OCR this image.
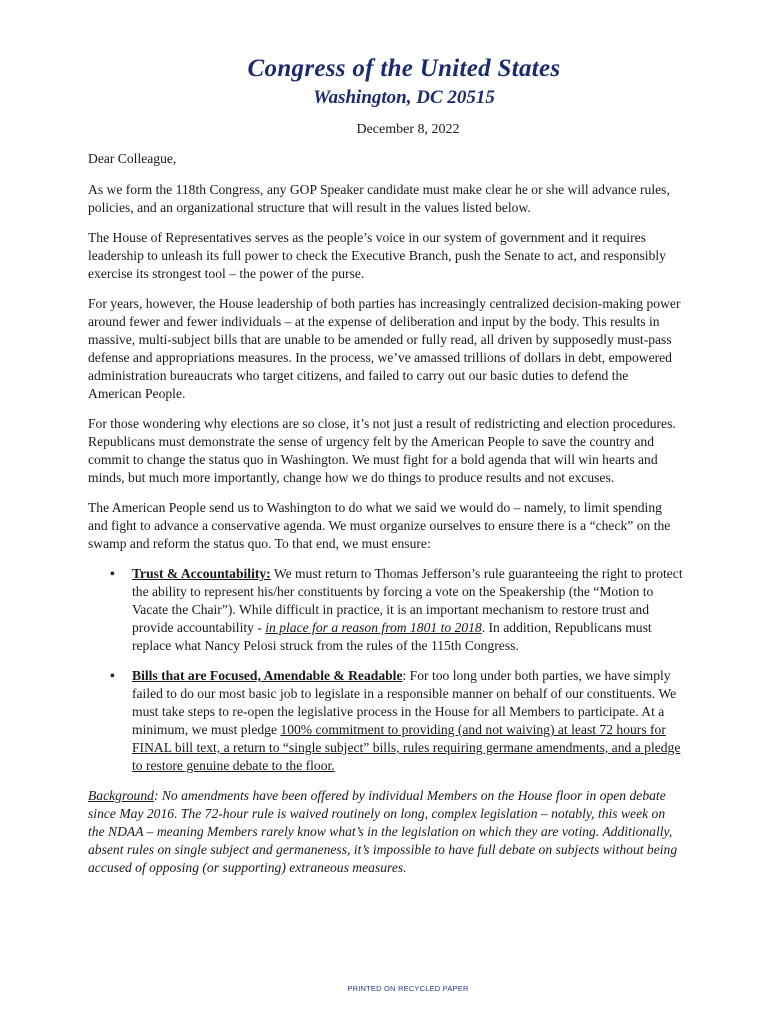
Congress of the United States
Washington, DC 20515
December 8, 2022

Dear Colleague,

As we form the 118th Congress, any GOP Speaker candidate must make clear he or she will advance rules, policies, and an organizational structure that will result in the values listed below.

The House of Representatives serves as the people’s voice in our system of government and it requires leadership to unleash its full power to check the Executive Branch, push the Senate to act, and responsibly exercise its strongest tool – the power of the purse.

For years, however, the House leadership of both parties has increasingly centralized decision-making power around fewer and fewer individuals – at the expense of deliberation and input by the body. This results in massive, multi-subject bills that are unable to be amended or fully read, all driven by supposedly must-pass defense and appropriations measures. In the process, we’ve amassed trillions of dollars in debt, empowered administration bureaucrats who target citizens, and failed to carry out our basic duties to defend the American People.

For those wondering why elections are so close, it’s not just a result of redistricting and election procedures. Republicans must demonstrate the sense of urgency felt by the American People to save the country and commit to change the status quo in Washington. We must fight for a bold agenda that will win hearts and minds, but much more importantly, change how we do things to produce results and not excuses.

The American People send us to Washington to do what we said we would do – namely, to limit spending and fight to advance a conservative agenda. We must organize ourselves to ensure there is a “check” on the swamp and reform the status quo. To that end, we must ensure:

• Trust & Accountability: We must return to Thomas Jefferson’s rule guaranteeing the right to protect the ability to represent his/her constituents by forcing a vote on the Speakership (the “Motion to Vacate the Chair”). While difficult in practice, it is an important mechanism to restore trust and provide accountability - in place for a reason from 1801 to 2018. In addition, Republicans must replace what Nancy Pelosi struck from the rules of the 115th Congress.
• Bills that are Focused, Amendable & Readable: For too long under both parties, we have simply failed to do our most basic job to legislate in a responsible manner on behalf of our constituents. We must take steps to re-open the legislative process in the House for all Members to participate. At a minimum, we must pledge 100% commitment to providing (and not waiving) at least 72 hours for FINAL bill text, a return to “single subject” bills, rules requiring germane amendments, and a pledge to restore genuine debate to the floor.

Background: No amendments have been offered by individual Members on the House floor in open debate since May 2016. The 72-hour rule is waived routinely on long, complex legislation – notably, this week on the NDAA – meaning Members rarely know what’s in the legislation on which they are voting. Additionally, absent rules on single subject and germaneness, it’s impossible to have full debate on subjects without being accused of opposing (or supporting) extraneous measures.

PRINTED ON RECYCLED PAPER
